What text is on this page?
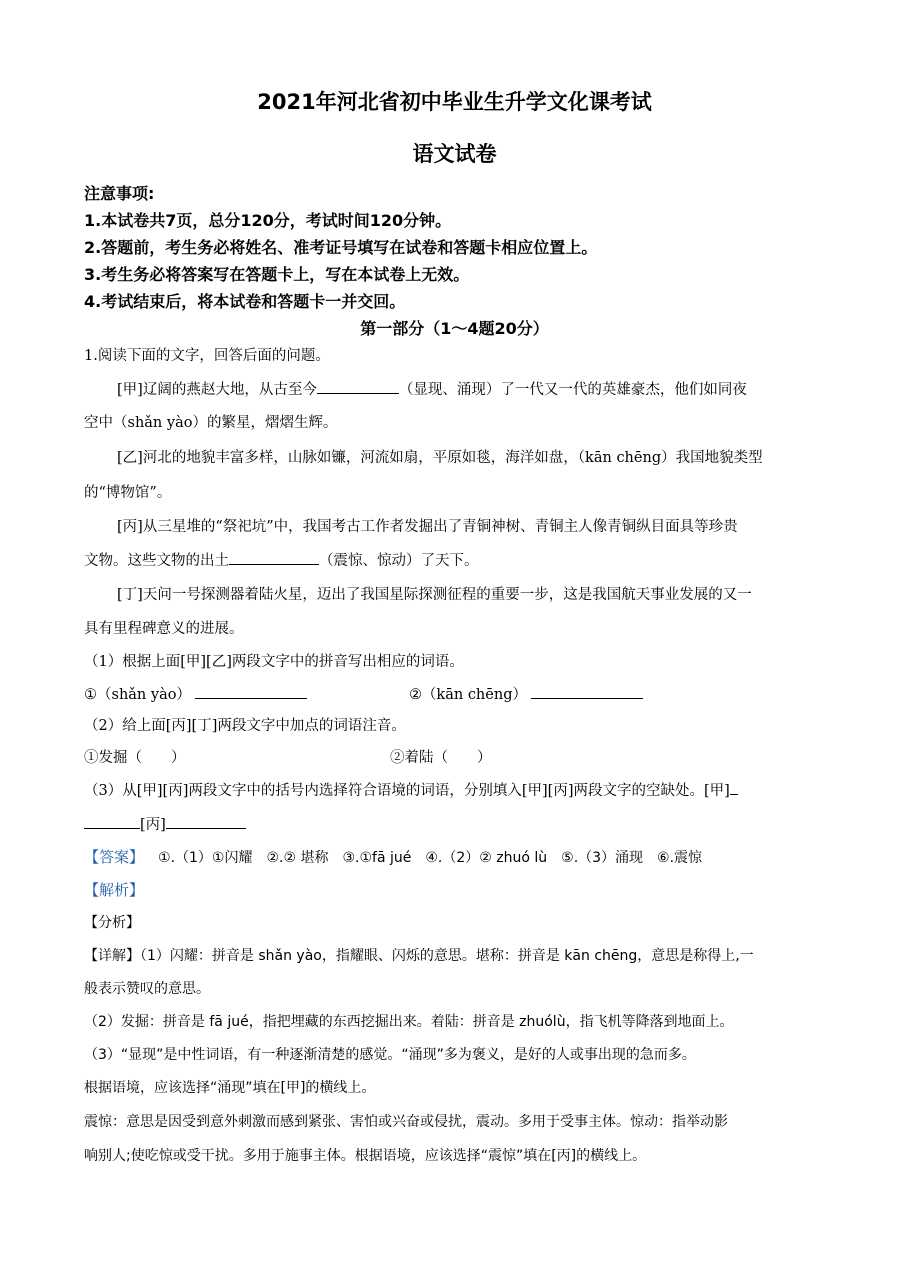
2021年河北省初中毕业生升学文化课考试
语文试卷
注意事项:
1.本试卷共7页，总分120分，考试时间120分钟。
2.答题前，考生务必将姓名、准考证号填写在试卷和答题卡相应位置上。
3.考生务必将答案写在答题卡上，写在本试卷上无效。
4.考试结束后，将本试卷和答题卡一并交回。
第一部分（1～4题20分）
1.阅读下面的文字，回答后面的问题。
[甲]辽阔的燕赵大地，从古至今	（显现、涌现）了一代又一代的英雄豪杰，他们如同夜
空中（shǎn yào）的繁星，熠熠生辉。
[乙]河北的地貌丰富多样，山脉如镰，河流如扇，平原如毯，海洋如盘，（kān chēng）我国地貌类型
的“博物馆”。
[丙]从三星堆的“祭祀坑”中，我国考古工作者发掘出了青铜神树、青铜主人像青铜纵目面具等珍贵
文物。这些文物的出土	（震惊、惊动）了天下。
[丁]天问一号探测器着陆火星，迈出了我国星际探测征程的重要一步，这是我国航天事业发展的又一
具有里程碑意义的进展。
（1）根据上面[甲][乙]两段文字中的拼音写出相应的词语。
①（shǎn yào）	②（kān chēng）
（2）给上面[丙][丁]两段文字中加点的词语注音。
①发掘（　　）	②着陆（　　）
（3）从[甲][丙]两段文字中的括号内选择符合语境的词语，分别填入[甲][丙]两段文字的空缺处。[甲]
[丙]
【答案】 ①.（1）①闪耀　②.② 堪称　③.①fā jué　④.（2）② zhuó lù　⑤.（3）涌现　⑥.震惊
【解析】
【分析】
【详解】（1）闪耀：拼音是 shǎn yào，指耀眼、闪烁的意思。堪称：拼音是 kān chēng，意思是称得上,一
般表示赞叹的意思。
（2）发掘：拼音是 fā jué，指把埋藏的东西挖掘出来。着陆：拼音是 zhuólù，指飞机等降落到地面上。
（3）“显现”是中性词语，有一种逐渐清楚的感觉。“涌现”多为褒义，是好的人或事出现的急而多。
根据语境，应该选择“涌现”填在[甲]的横线上。
震惊：意思是因受到意外刺激而感到紧张、害怕或兴奋或侵扰，震动。多用于受事主体。惊动：指举动影
响别人;使吃惊或受干扰。多用于施事主体。根据语境，应该选择“震惊”填在[丙]的横线上。
